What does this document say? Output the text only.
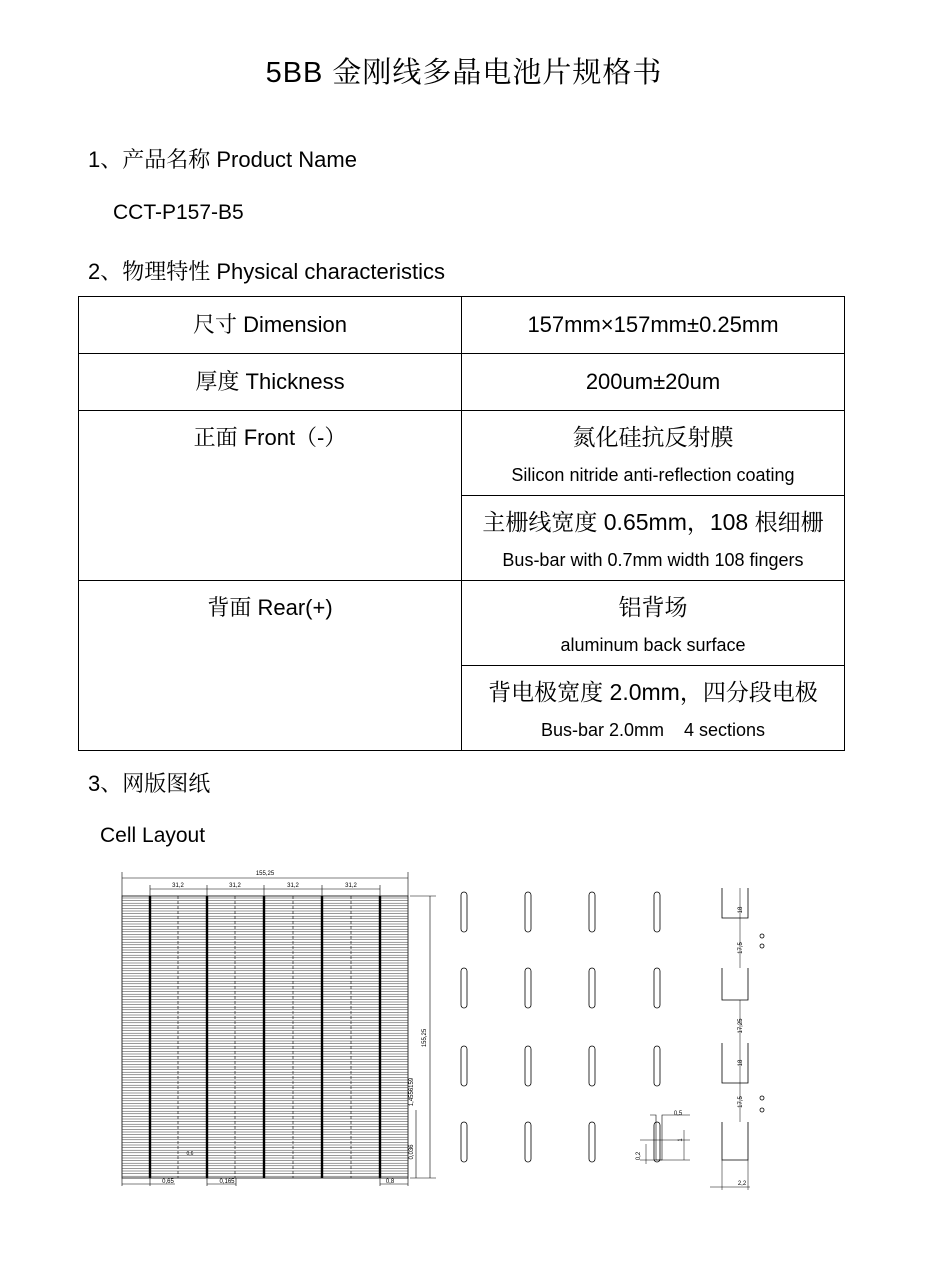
5BB 金刚线多晶电池片规格书
1、产品名称 Product Name
CCT-P157-B5
2、物理特性 Physical characteristics
尺寸 Dimension	157mm×157mm±0.25mm
厚度 Thickness	200um±20um
正面 Front（-）	氮化硅抗反射膜
Silicon nitride anti-reflection coating

	主栅线宽度 0.65mm，108 根细栅
Bus-bar with 0.7mm width 108 fingers

背面 Rear(+)	铝背场
aluminum back surface

	背电极宽度 2.0mm，四分段电极
Bus-bar 2.0mm    4 sections
3、网版图纸
Cell Layout
155,25
31,2	31,2	31,2	31,2
155,25
1,4556159
0,036
0,65	0,165	0,8
0,6
18
17,5
17,25
18
17,5
0,5
1
0,2
2,2
